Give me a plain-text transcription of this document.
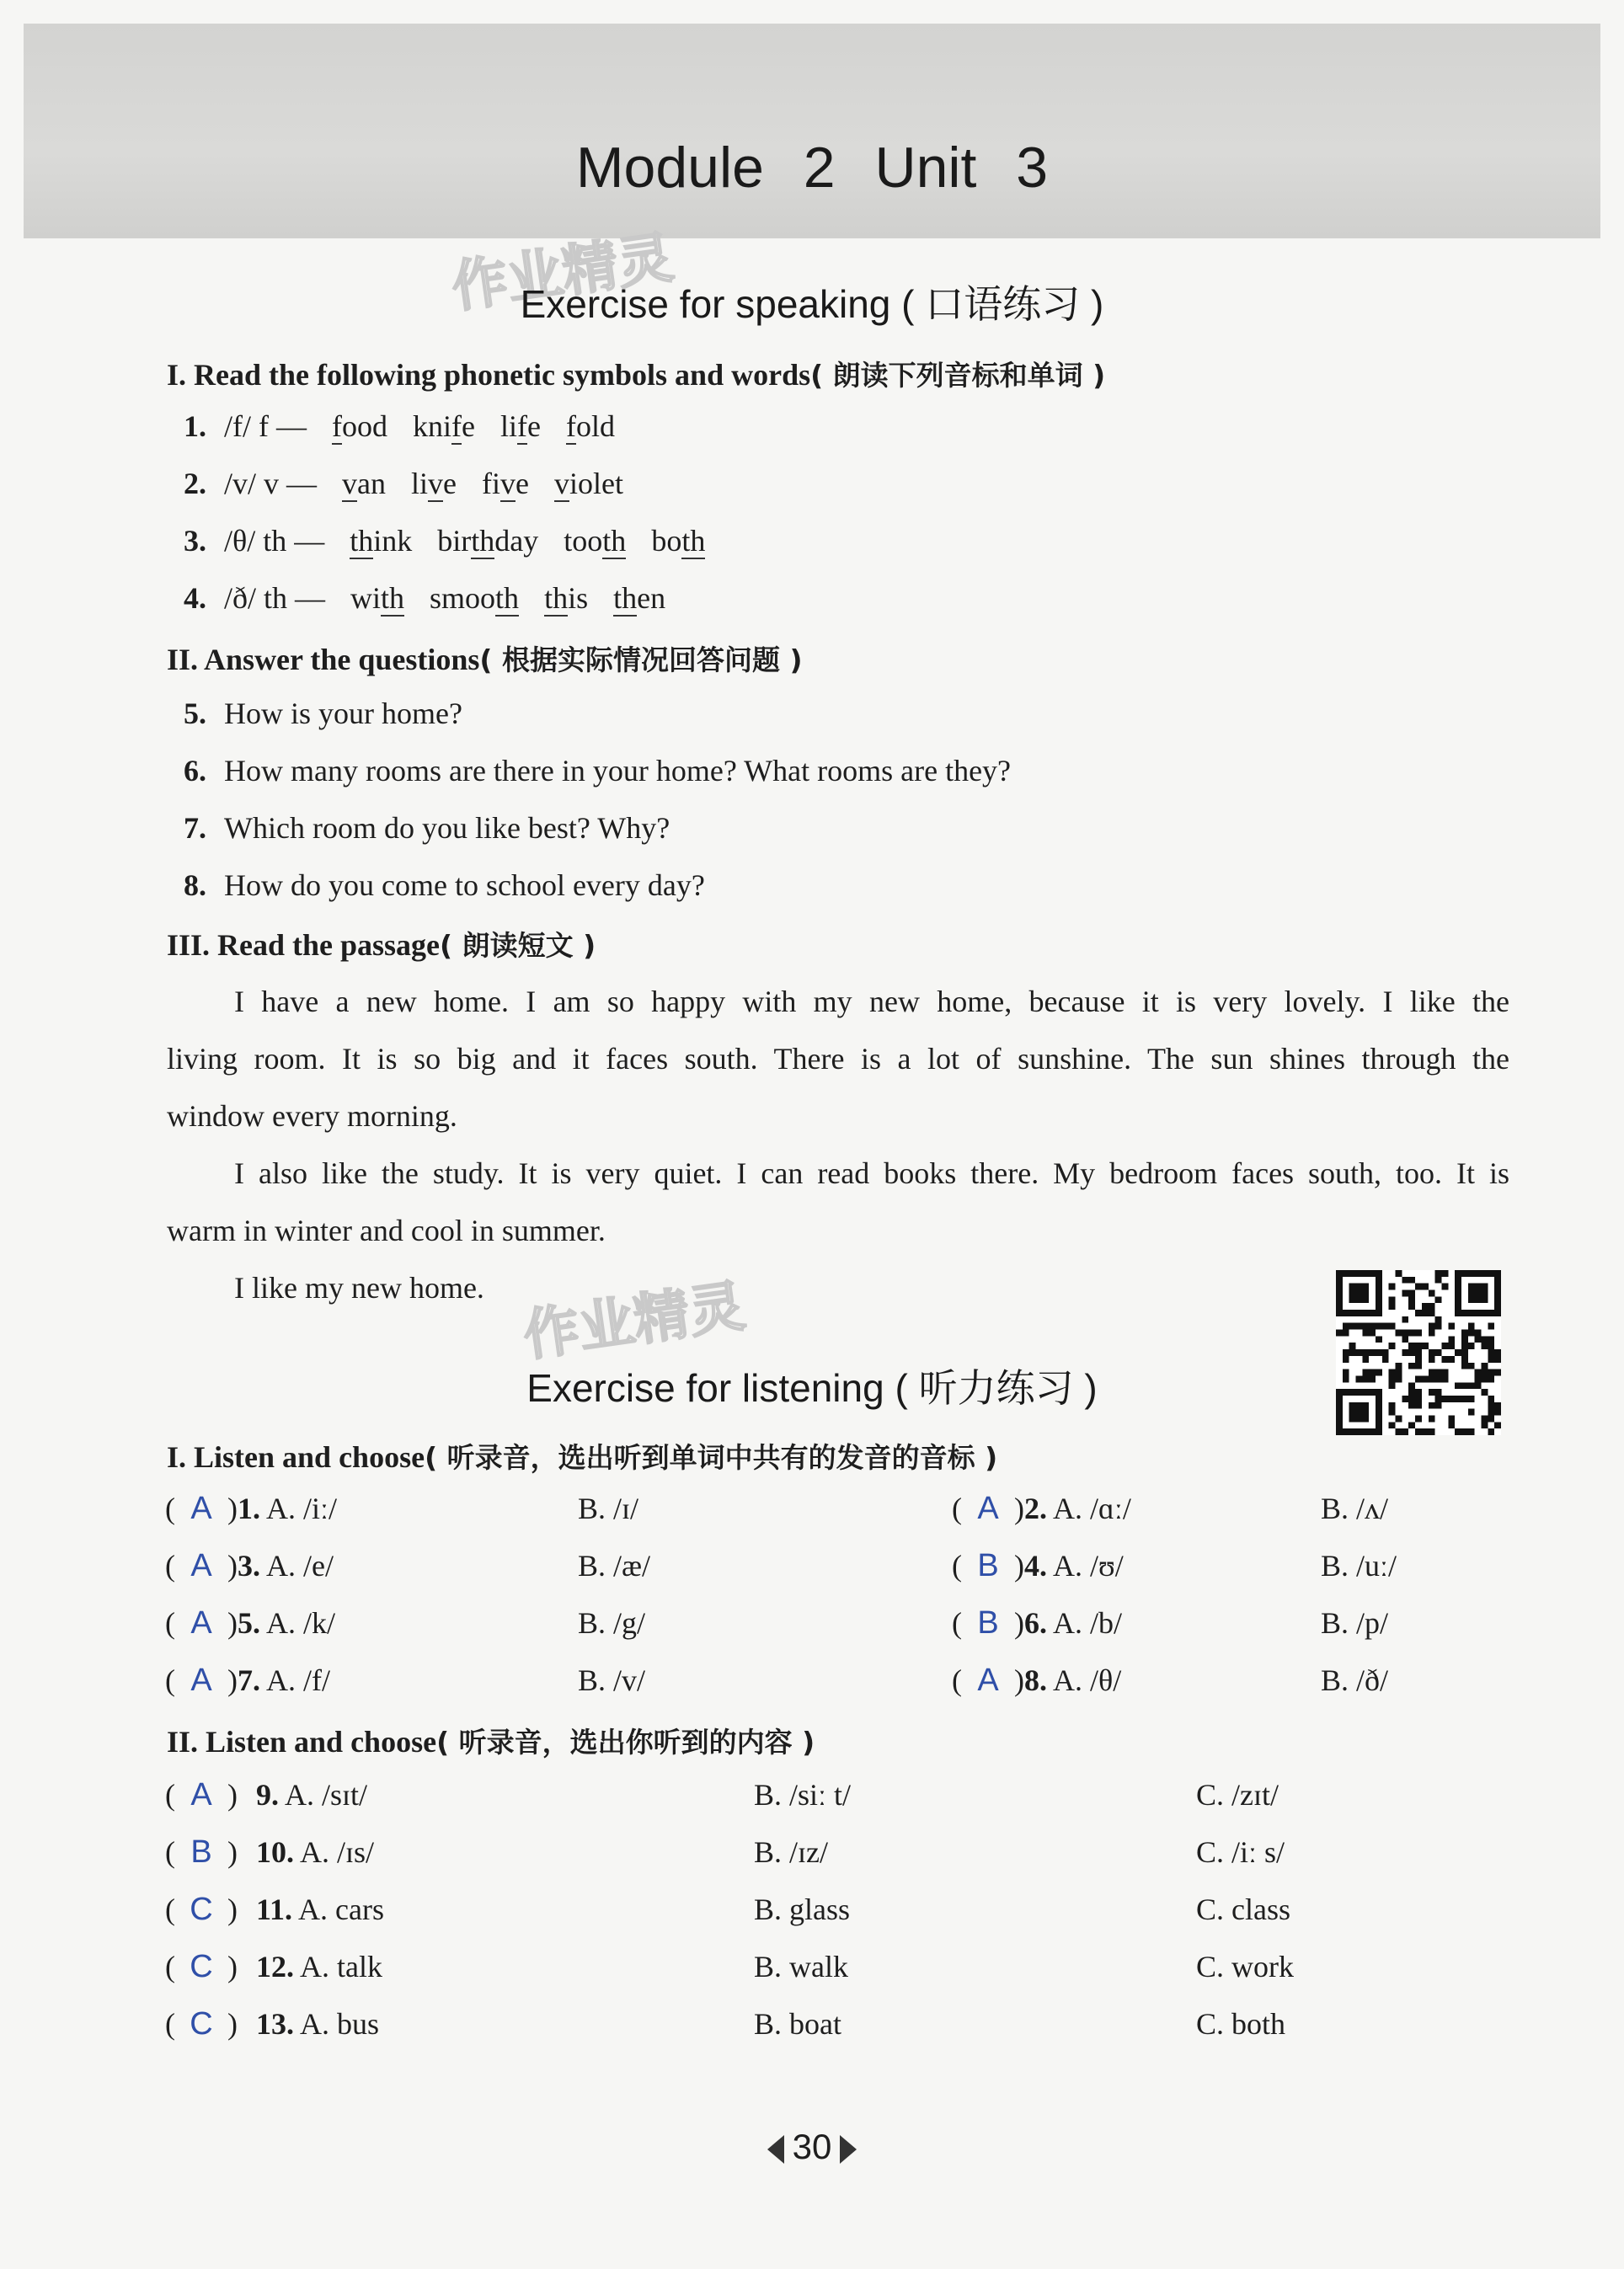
Module 2 Unit 3
作业精灵
作业精灵
Exercise for speaking ( 口语练习 )
I. Read the following phonetic symbols and words( 朗读下列音标和单词 )
1. /f/ f — food knife life fold
2. /v/ v — van live five violet
3. /θ/ th — think birthday tooth both
4. /ð/ th — with smooth this then
II. Answer the questions( 根据实际情况回答问题 )
5. How is your home?
6. How many rooms are there in your home? What rooms are they?
7. Which room do you like best? Why?
8. How do you come to school every day?
III. Read the passage( 朗读短文 )
I have a new home. I am so happy with my new home, because it is very lovely. I like the
living room. It is so big and it faces south. There is a lot of sunshine. The sun shines through the
window every morning.
I also like the study. It is very quiet. I can read books there. My bedroom faces south, too. It is
warm in winter and cool in summer.
I like my new home.
Exercise for listening ( 听力练习 )
I. Listen and choose( 听录音，选出听到单词中共有的发音的音标 )
( A )1. A. /iː/	B. /ɪ/	( A )2. A. /ɑː/	B. /ʌ/
( A )3. A. /e/	B. /æ/	( B )4. A. /ʊ/	B. /uː/
( A )5. A. /k/	B. /g/	( B )6. A. /b/	B. /p/
( A )7. A. /f/	B. /v/	( A )8. A. /θ/	B. /ð/
II. Listen and choose( 听录音，选出你听到的内容 )
( A ) 9. A. /sɪt/	B. /siː t/	C. /zɪt/
( B ) 10. A. /ɪs/	B. /ɪz/	C. /iː s/
( C ) 11. A. cars	B. glass	C. class
( C ) 12. A. talk	B. walk	C. work
( C ) 13. A. bus	B. boat	C. both
30
